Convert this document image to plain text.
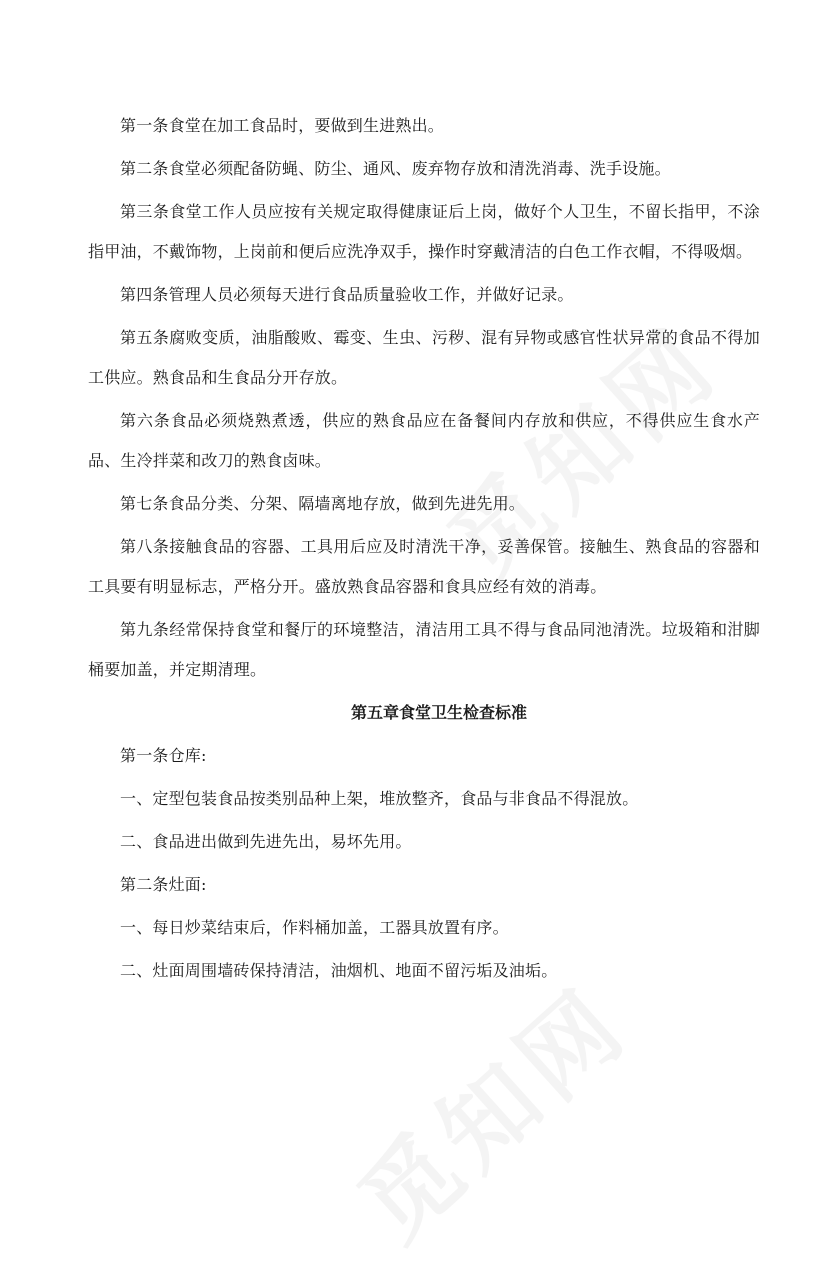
第一条食堂在加工食品时，要做到生进熟出。

第二条食堂必须配备防蝇、防尘、通风、废弃物存放和清洗消毒、洗手设施。

第三条食堂工作人员应按有关规定取得健康证后上岗，做好个人卫生，不留长指甲，不涂指甲油，不戴饰物，上岗前和便后应洗净双手，操作时穿戴清洁的白色工作衣帽，不得吸烟。

第四条管理人员必须每天进行食品质量验收工作，并做好记录。

第五条腐败变质，油脂酸败、霉变、生虫、污秽、混有异物或感官性状异常的食品不得加工供应。熟食品和生食品分开存放。

第六条食品必须烧熟煮透，供应的熟食品应在备餐间内存放和供应，不得供应生食水产品、生冷拌菜和改刀的熟食卤味。

第七条食品分类、分架、隔墙离地存放，做到先进先用。

第八条接触食品的容器、工具用后应及时清洗干净，妥善保管。接触生、熟食品的容器和工具要有明显标志，严格分开。盛放熟食品容器和食具应经有效的消毒。

第九条经常保持食堂和餐厅的环境整洁，清洁用工具不得与食品同池清洗。垃圾箱和泔脚桶要加盖，并定期清理。

第五章食堂卫生检查标准

第一条仓库:

一、定型包装食品按类别品种上架，堆放整齐，食品与非食品不得混放。

二、食品进出做到先进先出，易坏先用。

第二条灶面:

一、每日炒菜结束后，作料桶加盖，工器具放置有序。

二、灶面周围墙砖保持清洁，油烟机、地面不留污垢及油垢。
